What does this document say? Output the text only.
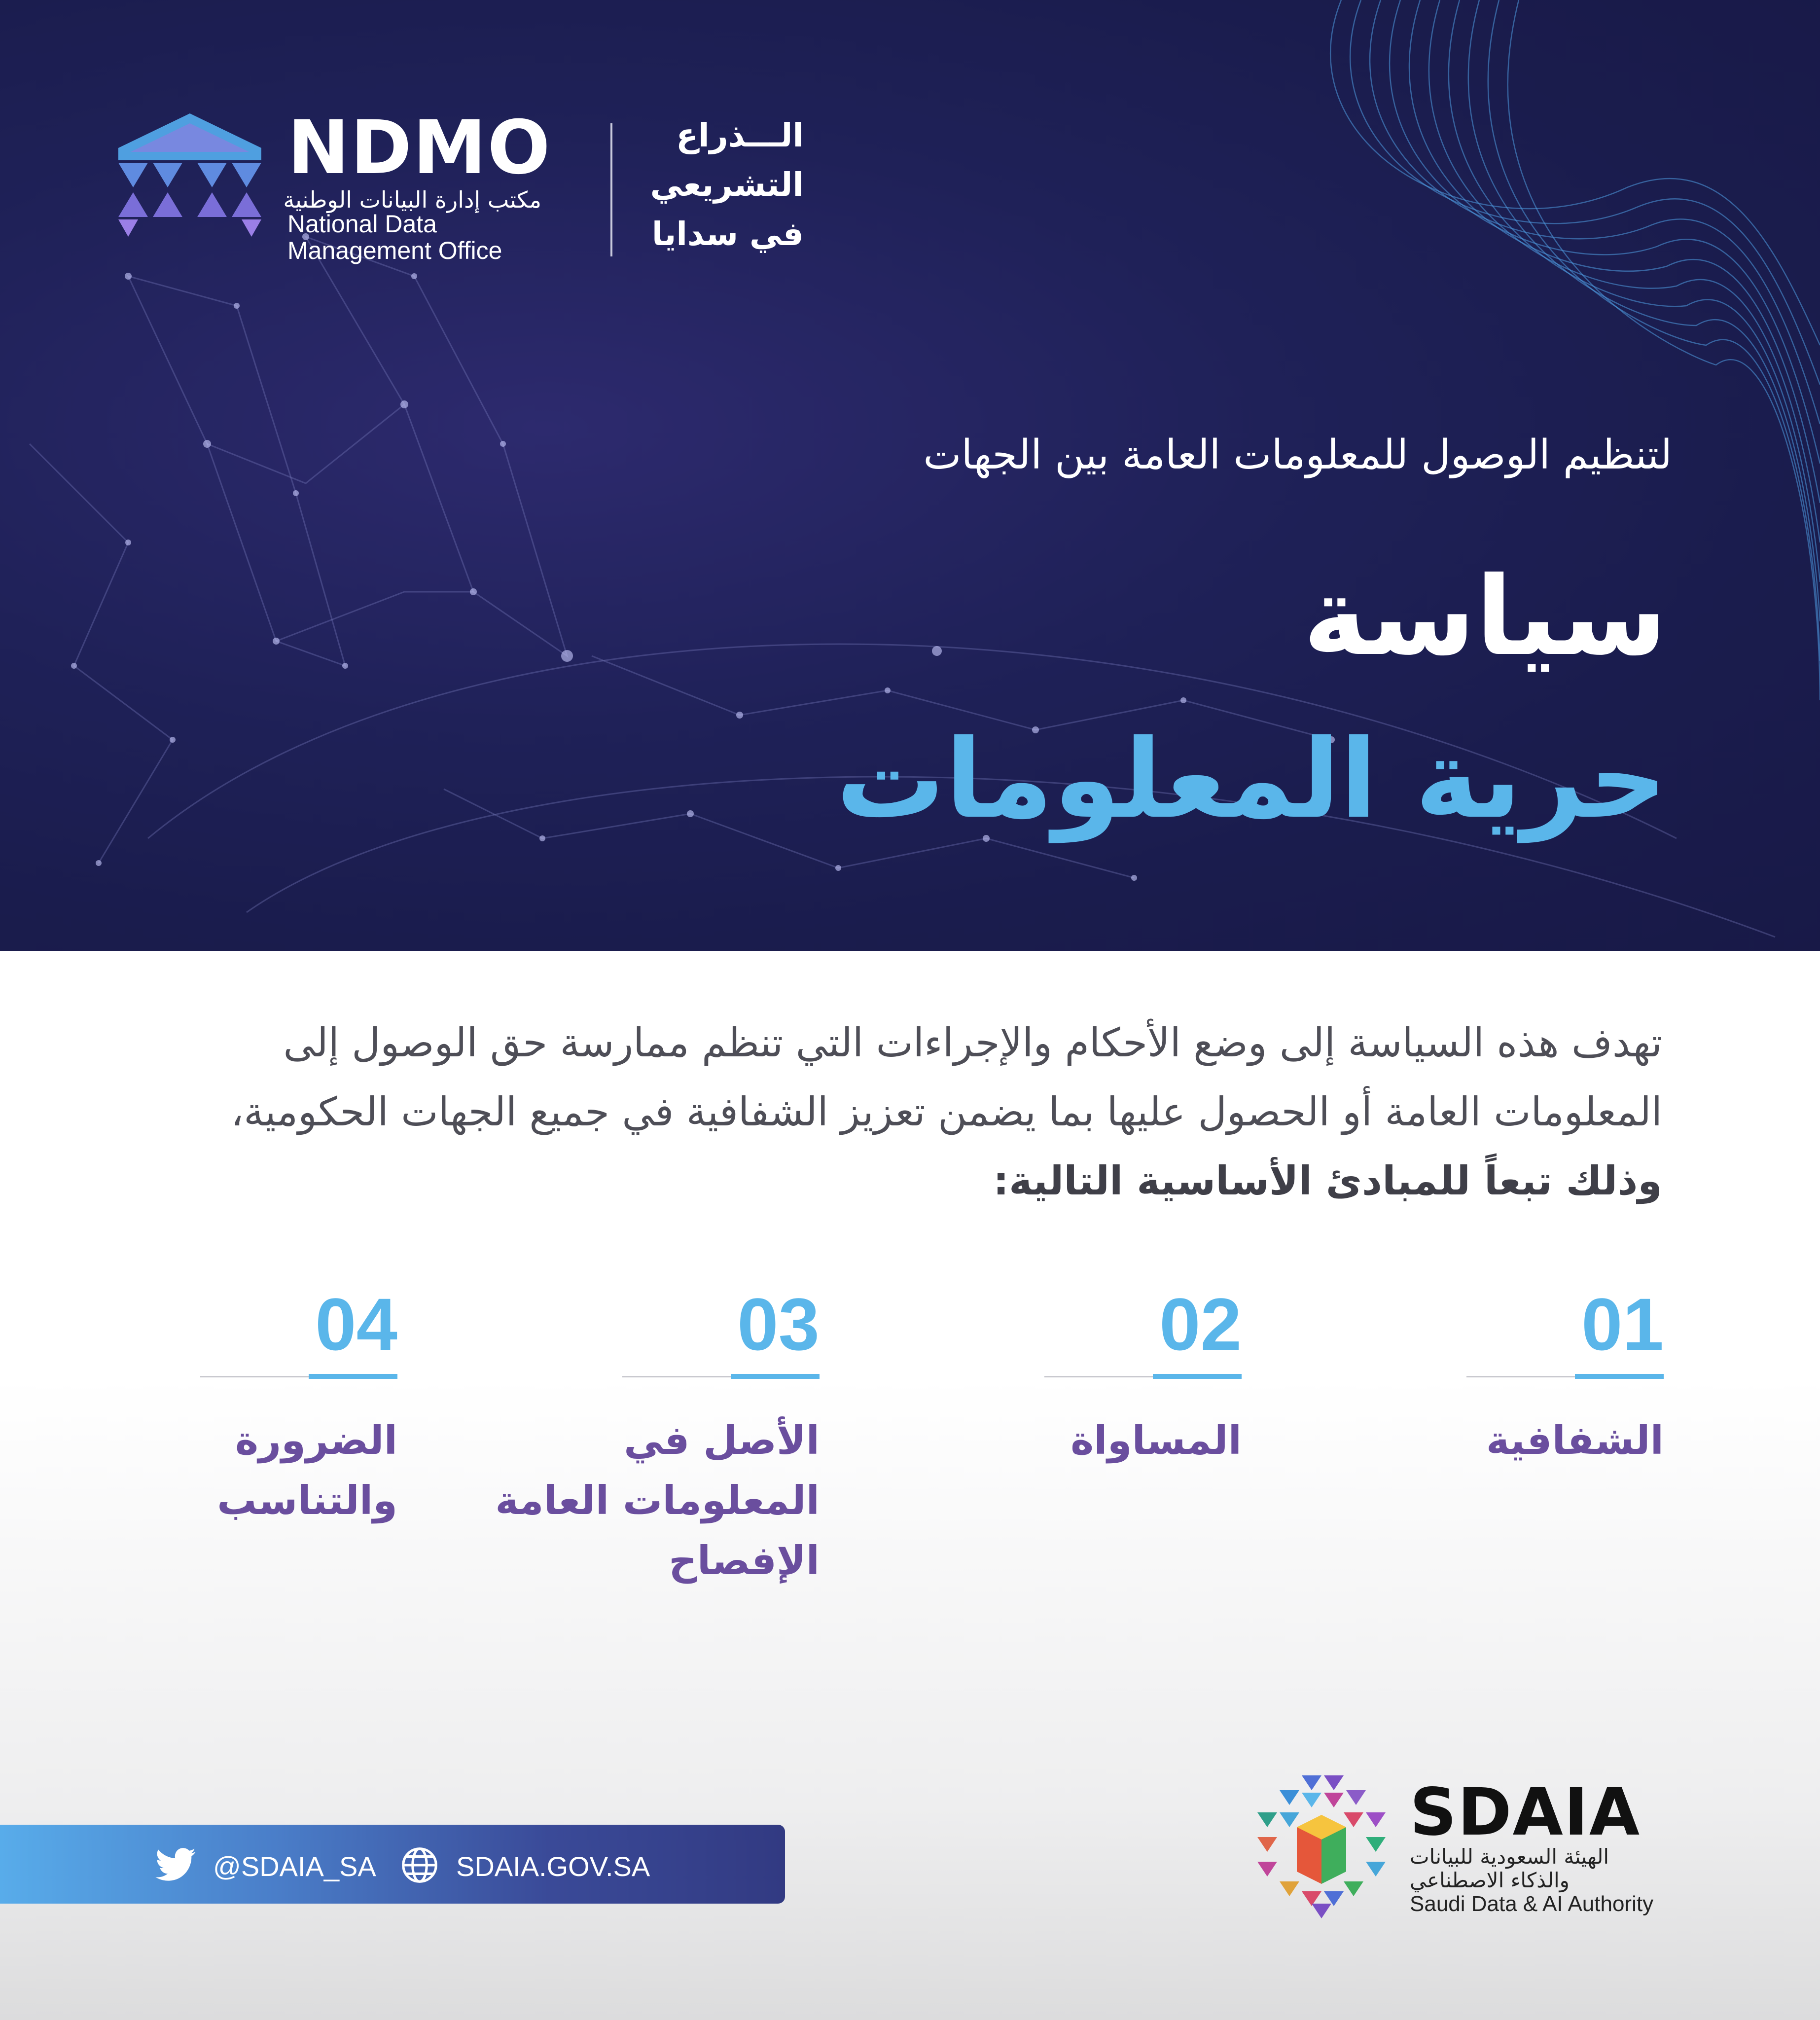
NDMO
مكتب إدارة البيانات الوطنية
National Data
Management Office
الـــذراع
التشريعي
في سدايا
لتنظيم الوصول للمعلومات العامة بين الجهات
سياسة
حرية المعلومات
تهدف هذه السياسة إلى وضع الأحكام والإجراءات التي تنظم ممارسة حق الوصول إلى
المعلومات العامة أو الحصول عليها بما يضمن تعزيز الشفافية في جميع الجهات الحكومية،
وذلك تبعاً للمبادئ الأساسية التالية:
01
الشفافية
02
المساواة
03
الأصل في
المعلومات العامة
الإفصاح
04
الضرورة
والتناسب
@SDAIA_SA	SDAIA.GOV.SA
SDAIA
الهيئة السعودية للبيانات
والذكاء الاصطناعي
Saudi Data & AI Authority
